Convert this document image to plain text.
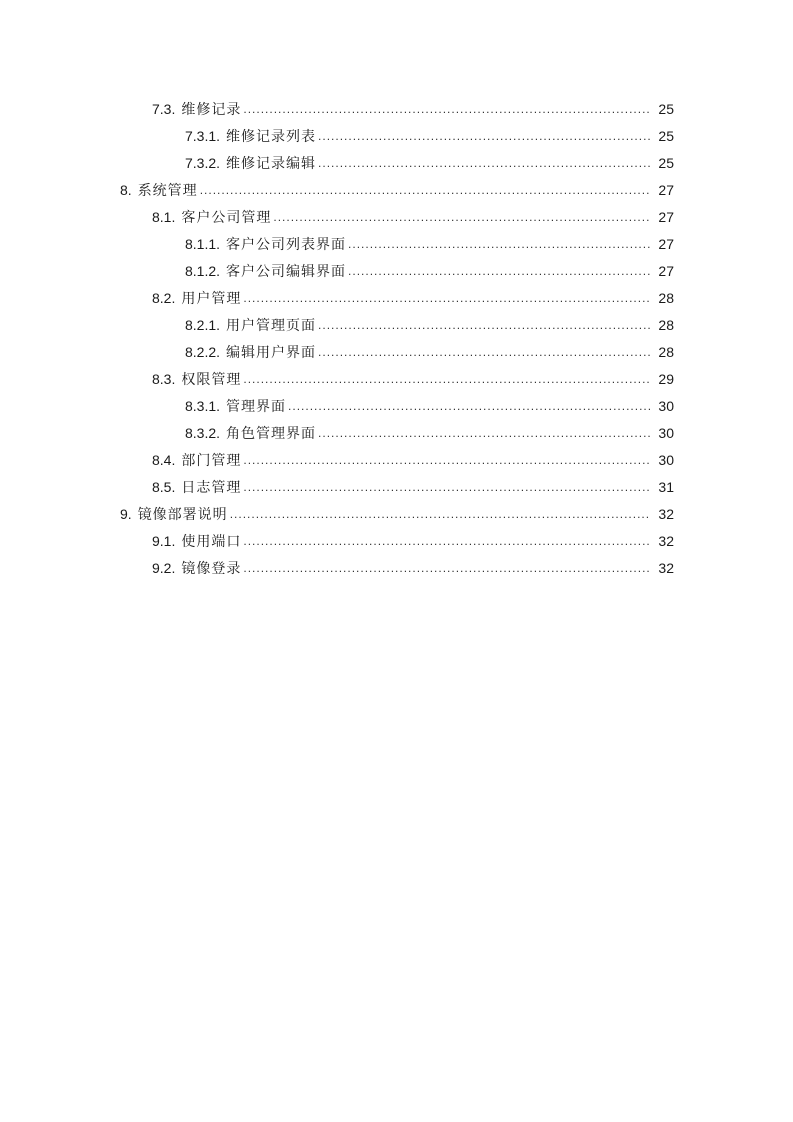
7.3. 维修记录 .....	25
7.3.1. 维修记录列表 .....	25
7.3.2. 维修记录编辑 .....	25
8. 系统管理 .....	27
8.1. 客户公司管理 .....	27
8.1.1. 客户公司列表界面 .....	27
8.1.2. 客户公司编辑界面 .....	27
8.2. 用户管理 .....	28
8.2.1. 用户管理页面 .....	28
8.2.2. 编辑用户界面 .....	28
8.3. 权限管理 .....	29
8.3.1. 管理界面 .....	30
8.3.2. 角色管理界面 .....	30
8.4. 部门管理 .....	30
8.5. 日志管理 .....	31
9. 镜像部署说明 .....	32
9.1. 使用端口 .....	32
9.2. 镜像登录 .....	32
